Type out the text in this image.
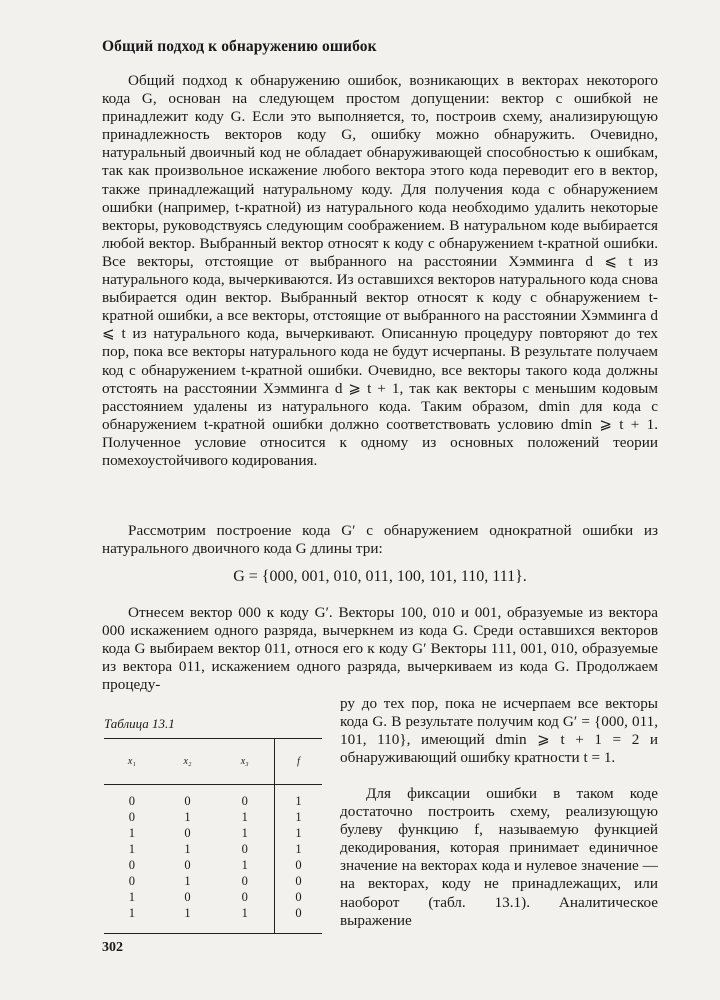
Общий подход к обнаружению ошибок

Общий подход к обнаружению ошибок, возникающих в векторах некоторого кода G, основан на следующем простом допущении: вектор с ошибкой не принадлежит коду G. Если это выполняется, то, построив схему, анализирующую принадлежность векторов коду G, ошибку можно обнаружить. Очевидно, натуральный двоичный код не обладает обнаруживающей способностью к ошибкам, так как произвольное искажение любого вектора этого кода переводит его в вектор, также принадлежащий натуральному коду. Для получения кода с обнаружением ошибки (например, t-кратной) из натурального кода необходимо удалить некоторые векторы, руководствуясь следующим соображением. В натуральном коде выбирается любой вектор. Выбранный вектор относят к коду с обнаружением t-кратной ошибки. Все векторы, отстоящие от выбранного на расстоянии Хэмминга d ⩽ t из натурального кода, вычеркиваются. Из оставшихся векторов натурального кода снова выбирается один вектор. Выбранный вектор относят к коду с обнаружением t-кратной ошибки, а все векторы, отстоящие от выбранного на расстоянии Хэмминга d ⩽ t из натурального кода, вычеркивают. Описанную процедуру повторяют до тех пор, пока все векторы натурального кода не будут исчерпаны. В результате получаем код с обнаружением t-кратной ошибки. Очевидно, все векторы такого кода должны отстоять на расстоянии Хэмминга d ⩾ t + 1, так как векторы с меньшим кодовым расстоянием удалены из натурального кода. Таким образом, dmin для кода с обнаружением t-кратной ошибки должно соответствовать условию dmin ⩾ t + 1. Полученное условие относится к одному из основных положений теории помехоустойчивого кодирования.

Рассмотрим построение кода G′ с обнаружением однократной ошибки из натурального двоичного кода G длины три:

G = {000, 001, 010, 011, 100, 101, 110, 111}.

Отнесем вектор 000 к коду G′. Векторы 100, 010 и 001, образуемые из вектора 000 искажением одного разряда, вычеркнем из кода G. Среди оставшихся векторов кода G выбираем вектор 011, относя его к коду G′ Векторы 111, 001, 010, образуемые из вектора 011, искажением одного разряда, вычеркиваем из кода G. Продолжаем процеду-

Таблица 13.1
x₁	x₂	x₃	f
0	0	0	1
0	1	1	1
1	0	1	1
1	1	0	1
0	0	1	0
0	1	0	0
1	0	0	0
1	1	1	0

ру до тех пор, пока не исчерпаем все векторы кода G. В результате получим код G′ = {000, 011, 101, 110}, имеющий dmin ⩾ t + 1 = 2 и обнаруживающий ошибку кратности t = 1.

Для фиксации ошибки в таком коде достаточно построить схему, реализующую булеву функцию f, называемую функцией декодирования, которая принимает единичное значение на векторах кода и нулевое значение — на векторах, коду не принадлежащих, или наоборот (табл. 13.1). Аналитическое выражение

302
